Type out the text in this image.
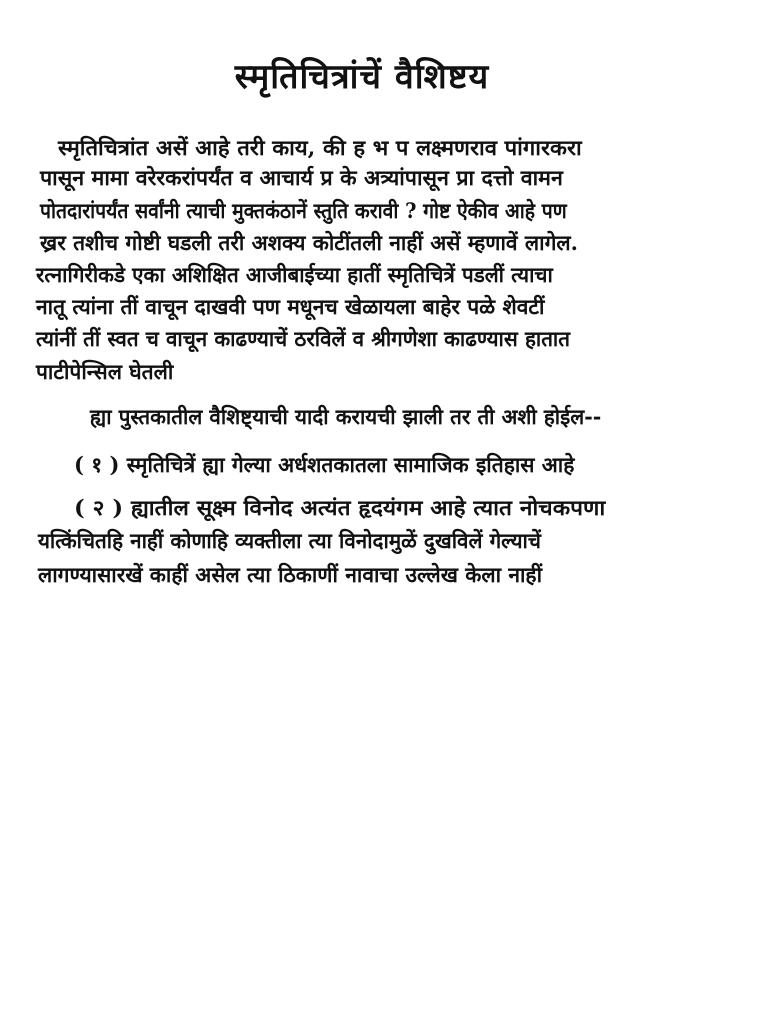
स्मृतिचित्रांचें वैशिष्टय
स्मृतिचित्रांत असें आहे तरी काय, की ह भ प लक्ष्मणराव पांगारकरा
पासून मामा वरेरकरांपर्यंत व आचार्य प्र के अत्र्यांपासून प्रा दत्तो वामन
पोतदारांपर्यंत सर्वांनी त्याची मुक्तकंठानें स्तुति करावी ? गोष्ट ऐकीव आहे पण
ख्रर तशीच गोष्टी घडली तरी अशक्य कोटींतली नाहीं असें म्हणावें लागेल.
रत्नागिरीकडे एका अशिक्षित आजीबाईच्या हातीं स्मृतिचित्रें पडलीं त्याचा
नातू त्यांना तीं वाचून दाखवी पण मधूनच खेळायला बाहेर पळे शेवटीं
त्यांनीं तीं स्वत च वाचून काढण्याचें ठरविलें व श्रीगणेशा काढण्यास हातात
पाटीपेन्सिल घेतली
ह्या पुस्तकातील वैशिष्ट्याची यादी करायची झाली तर ती अशी होईल--
( १ ) स्मृतिचित्रें ह्या गेल्या अर्धशतकातला सामाजिक इतिहास आहे
( २ ) ह्यातील सूक्ष्म विनोद अत्यंत हृदयंगम आहे त्यात नोचकपणा
यत्किंचितहि नाहीं कोणाहि व्यक्तीला त्या विनोदामुळें दुखविलें गेल्याचें
लागण्यासारखें काहीं असेल त्या ठिकाणीं नावाचा उल्लेख केला नाहीं
